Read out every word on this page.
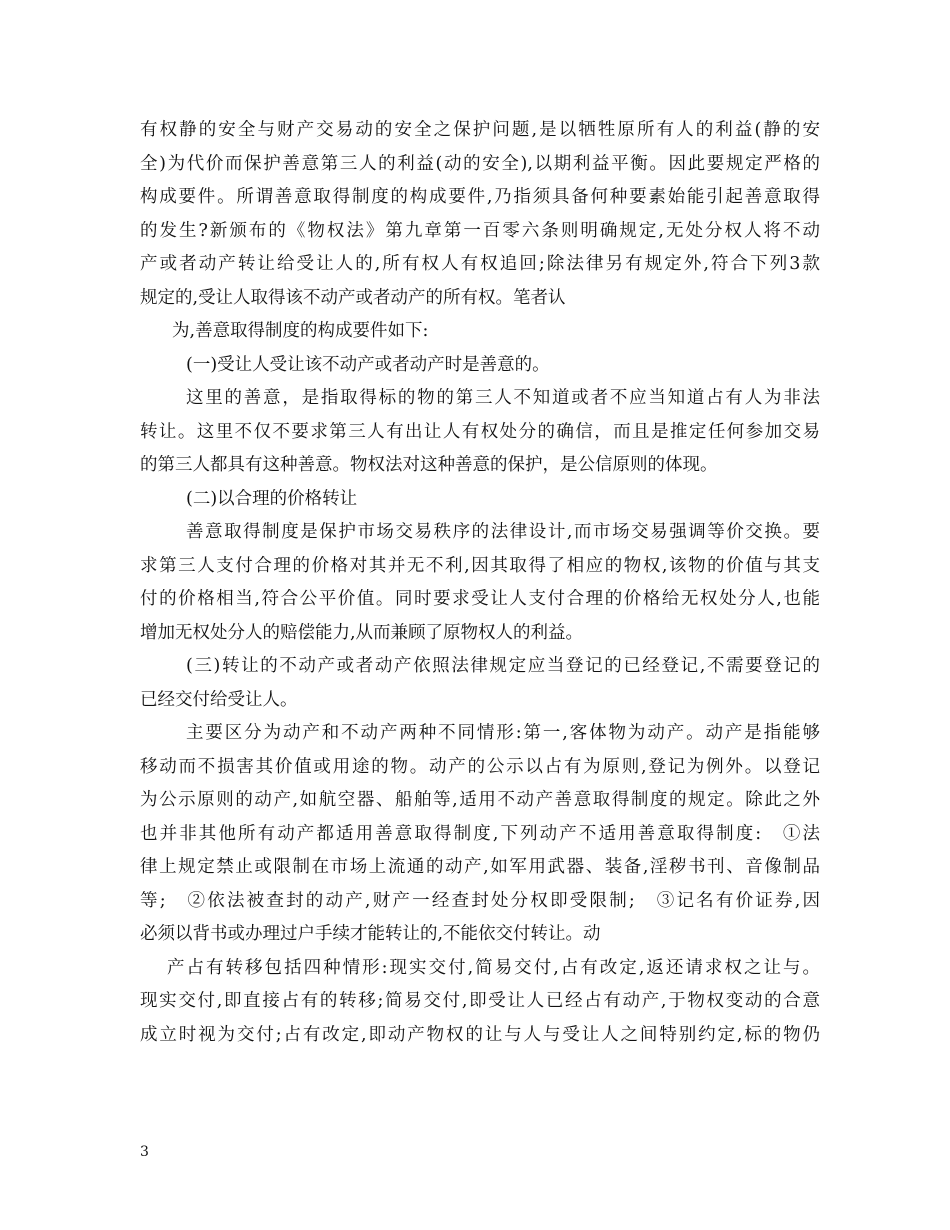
有权静的安全与财产交易动的安全之保护问题,是以牺牲原所有人的利益(静的安
全)为代价而保护善意第三人的利益(动的安全),以期利益平衡。因此要规定严格的
构成要件。所谓善意取得制度的构成要件,乃指须具备何种要素始能引起善意取得
的发生?新颁布的《物权法》第九章第一百零六条则明确规定,无处分权人将不动
产或者动产转让给受让人的,所有权人有权追回;除法律另有规定外,符合下列3款
规定的,受让人取得该不动产或者动产的所有权。笔者认
为,善意取得制度的构成要件如下:
(一)受让人受让该不动产或者动产时是善意的。
这里的善意，是指取得标的物的第三人不知道或者不应当知道占有人为非法
转让。这里不仅不要求第三人有出让人有权处分的确信，而且是推定任何参加交易
的第三人都具有这种善意。物权法对这种善意的保护，是公信原则的体现。
(二)以合理的价格转让
善意取得制度是保护市场交易秩序的法律设计,而市场交易强调等价交换。要
求第三人支付合理的价格对其并无不利,因其取得了相应的物权,该物的价值与其支
付的价格相当,符合公平价值。同时要求受让人支付合理的价格给无权处分人,也能
增加无权处分人的赔偿能力,从而兼顾了原物权人的利益。
(三)转让的不动产或者动产依照法律规定应当登记的已经登记,不需要登记的
已经交付给受让人。
主要区分为动产和不动产两种不同情形:第一,客体物为动产。动产是指能够
移动而不损害其价值或用途的物。动产的公示以占有为原则,登记为例外。以登记
为公示原则的动产,如航空器、船舶等,适用不动产善意取得制度的规定。除此之外
也并非其他所有动产都适用善意取得制度,下列动产不适用善意取得制度:　①法
律上规定禁止或限制在市场上流通的动产,如军用武器、装备,淫秽书刊、音像制品
等;　②依法被查封的动产,财产一经查封处分权即受限制;　③记名有价证券,因
必须以背书或办理过户手续才能转让的,不能依交付转让。动
产占有转移包括四种情形:现实交付,简易交付,占有改定,返还请求权之让与。
现实交付,即直接占有的转移;简易交付,即受让人已经占有动产,于物权变动的合意
成立时视为交付;占有改定,即动产物权的让与人与受让人之间特别约定,标的物仍
3
